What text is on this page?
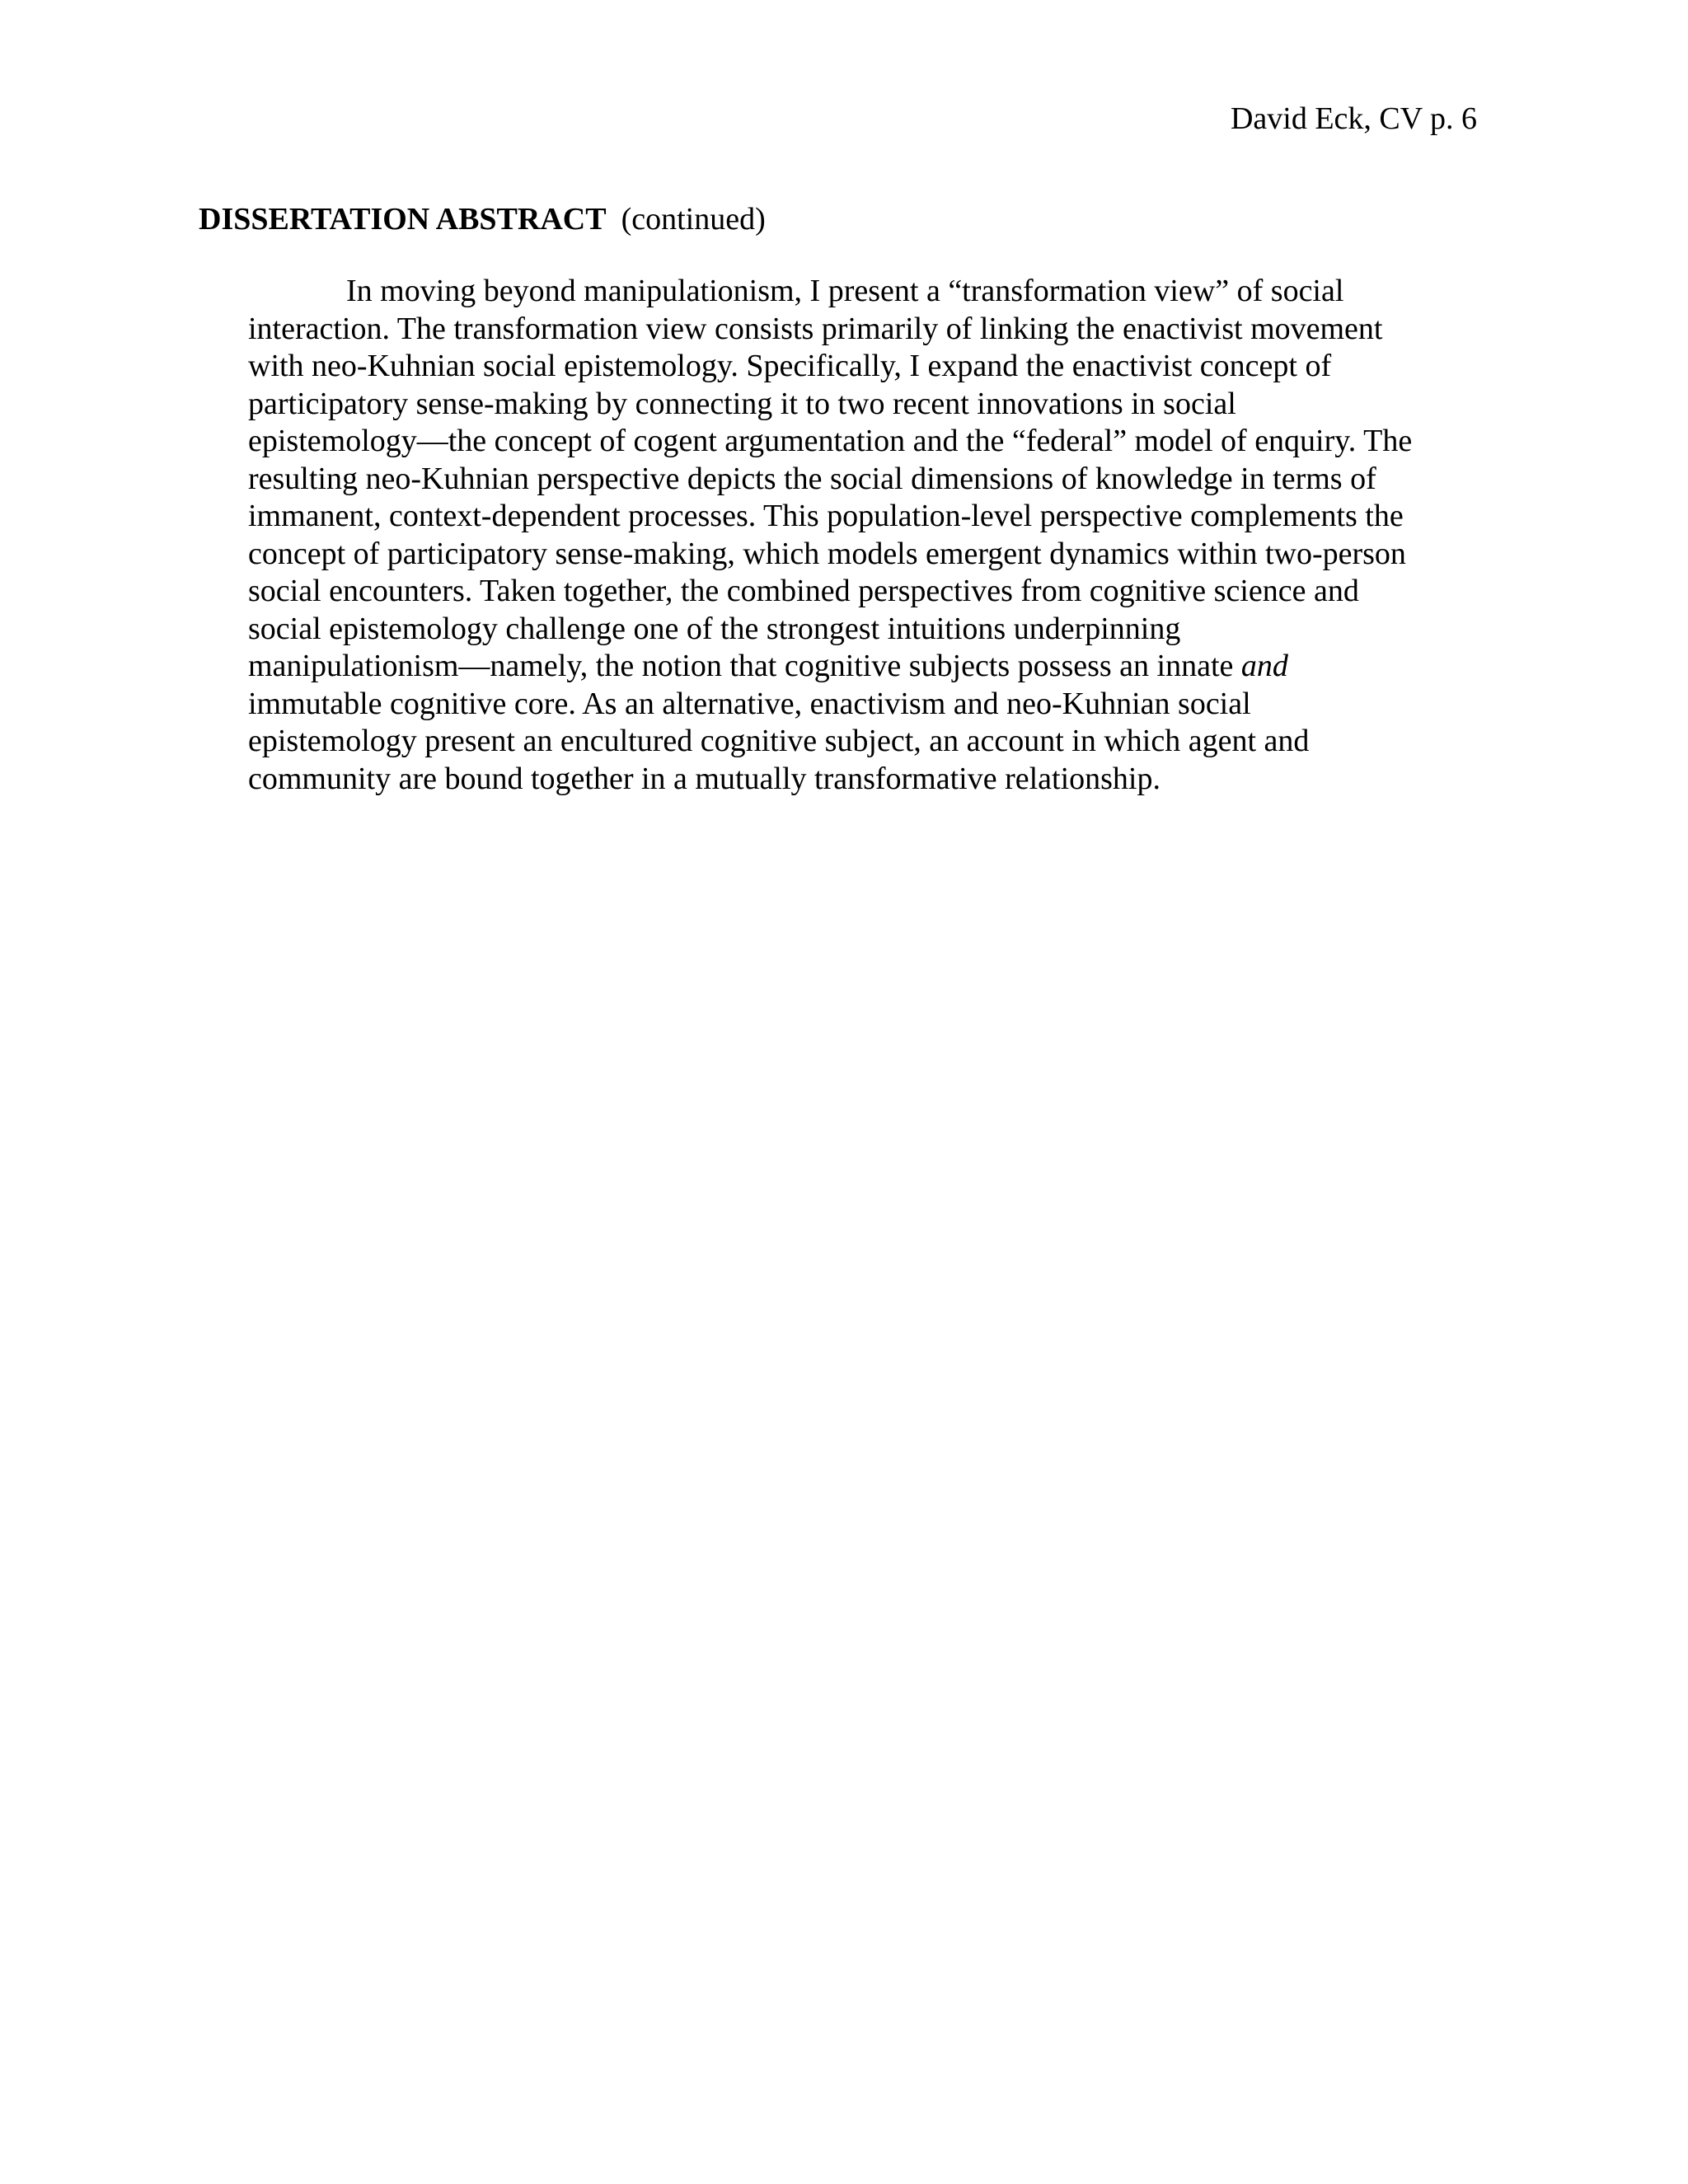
David Eck, CV p. 6
DISSERTATION ABSTRACT (continued)
In moving beyond manipulationism, I present a “transformation view” of social
interaction. The transformation view consists primarily of linking the enactivist movement
with neo-Kuhnian social epistemology. Specifically, I expand the enactivist concept of
participatory sense-making by connecting it to two recent innovations in social
epistemology—the concept of cogent argumentation and the “federal” model of enquiry. The
resulting neo-Kuhnian perspective depicts the social dimensions of knowledge in terms of
immanent, context-dependent processes. This population-level perspective complements the
concept of participatory sense-making, which models emergent dynamics within two-person
social encounters. Taken together, the combined perspectives from cognitive science and
social epistemology challenge one of the strongest intuitions underpinning
manipulationism—namely, the notion that cognitive subjects possess an innate and
immutable cognitive core. As an alternative, enactivism and neo-Kuhnian social
epistemology present an encultured cognitive subject, an account in which agent and
community are bound together in a mutually transformative relationship.
